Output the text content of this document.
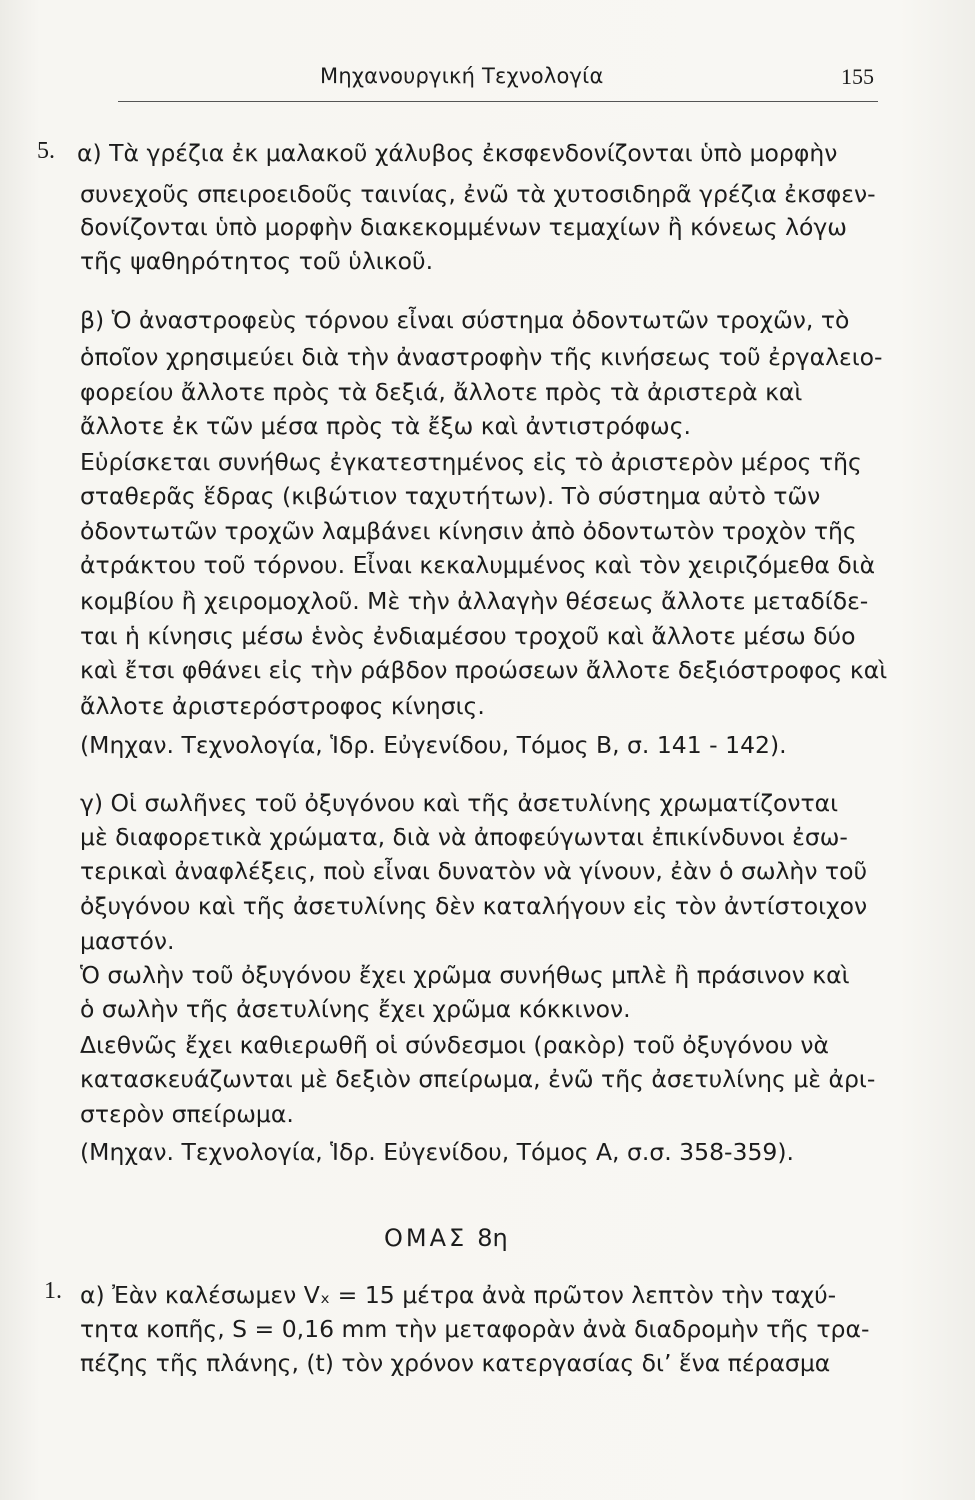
Μηχανουργική Τεχνολογία	155
5. α) Τὰ γρέζια ἐκ μαλακοῦ χάλυβος ἐκσφενδονίζονται ὑπὸ μορφὴν
συνεχοῦς σπειροειδοῦς ταινίας, ἐνῶ τὰ χυτοσιδηρᾶ γρέζια ἐκσφεν-
δονίζονται ὑπὸ μορφὴν διακεκομμένων τεμαχίων ἢ κόνεως λόγω
τῆς ψαθηρότητος τοῦ ὑλικοῦ.
β) Ὁ ἀναστροφεὺς τόρνου εἶναι σύστημα ὀδοντωτῶν τροχῶν, τὸ
ὁποῖον χρησιμεύει διὰ τὴν ἀναστροφὴν τῆς κινήσεως τοῦ ἐργαλειο-
φορείου ἄλλοτε πρὸς τὰ δεξιά, ἄλλοτε πρὸς τὰ ἀριστερὰ καὶ
ἄλλοτε ἐκ τῶν μέσα πρὸς τὰ ἔξω καὶ ἀντιστρόφως.
Εὑρίσκεται συνήθως ἐγκατεστημένος εἰς τὸ ἀριστερὸν μέρος τῆς
σταθερᾶς ἕδρας (κιβώτιον ταχυτήτων). Τὸ σύστημα αὐτὸ τῶν
ὀδοντωτῶν τροχῶν λαμβάνει κίνησιν ἀπὸ ὀδοντωτὸν τροχὸν τῆς
ἀτράκτου τοῦ τόρνου. Εἶναι κεκαλυμμένος καὶ τὸν χειριζόμεθα διὰ
κομβίου ἢ χειρομοχλοῦ. Μὲ τὴν ἀλλαγὴν θέσεως ἄλλοτε μεταδίδε-
ται ἡ κίνησις μέσω ἑνὸς ἐνδιαμέσου τροχοῦ καὶ ἄλλοτε μέσω δύο
καὶ ἔτσι φθάνει εἰς τὴν ράβδον προώσεων ἄλλοτε δεξιόστροφος καὶ
ἄλλοτε ἀριστερόστροφος κίνησις.
(Μηχαν. Τεχνολογία, Ἱδρ. Εὐγενίδου, Τόμος Β, σ. 141 - 142).
γ) Οἱ σωλῆνες τοῦ ὀξυγόνου καὶ τῆς ἀσετυλίνης χρωματίζονται
μὲ διαφορετικὰ χρώματα, διὰ νὰ ἀποφεύγωνται ἐπικίνδυνοι ἐσω-
τερικαὶ ἀναφλέξεις, ποὺ εἶναι δυνατὸν νὰ γίνουν, ἐὰν ὁ σωλὴν τοῦ
ὀξυγόνου καὶ τῆς ἀσετυλίνης δὲν καταλήγουν εἰς τὸν ἀντίστοιχον
μαστόν.
Ὁ σωλὴν τοῦ ὀξυγόνου ἔχει χρῶμα συνήθως μπλὲ ἢ πράσινον καὶ
ὁ σωλὴν τῆς ἀσετυλίνης ἔχει χρῶμα κόκκινον.
Διεθνῶς ἔχει καθιερωθῆ οἱ σύνδεσμοι (ρακὸρ) τοῦ ὀξυγόνου νὰ
κατασκευάζωνται μὲ δεξιὸν σπείρωμα, ἐνῶ τῆς ἀσετυλίνης μὲ ἀρι-
στερὸν σπείρωμα.
(Μηχαν. Τεχνολογία, Ἱδρ. Εὐγενίδου, Τόμος Α, σ.σ. 358-359).
ΟΜΑΣ 8η
1. α) Ἐὰν καλέσωμεν Vₓ = 15 μέτρα ἀνὰ πρῶτον λεπτὸν τὴν ταχύ-
τητα κοπῆς, S = 0,16 mm τὴν μεταφορὰν ἀνὰ διαδρομὴν τῆς τρα-
πέζης τῆς πλάνης, (t) τὸν χρόνον κατεργασίας δι’ ἕνα πέρασμα
